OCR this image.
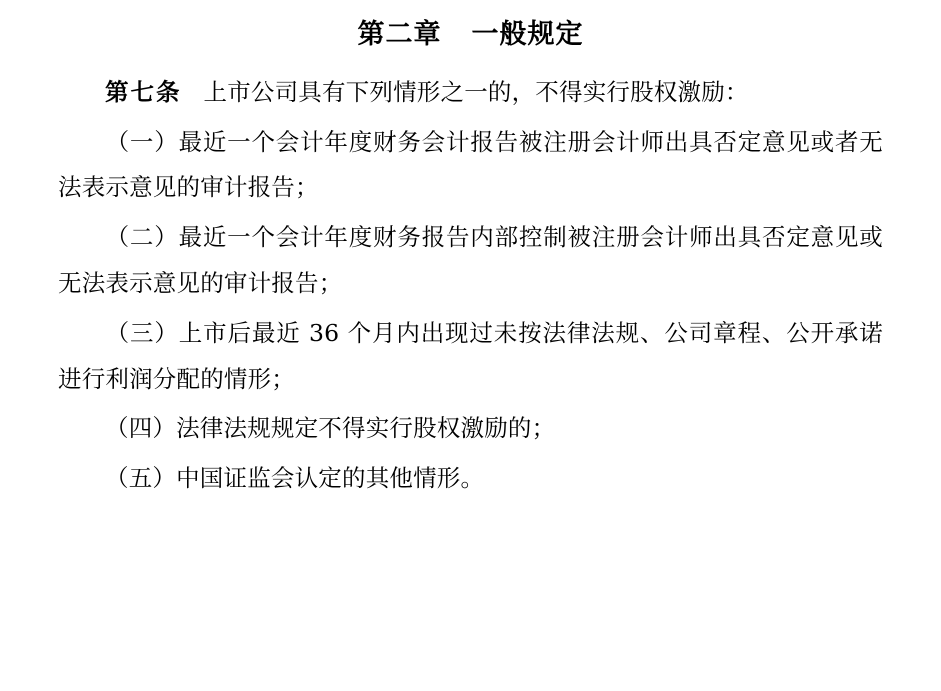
第二章 一般规定

第七条 上市公司具有下列情形之一的，不得实行股权激励：

（一）最近一个会计年度财务会计报告被注册会计师出具否定意见或者无法表示意见的审计报告；

（二）最近一个会计年度财务报告内部控制被注册会计师出具否定意见或无法表示意见的审计报告；

（三）上市后最近 36 个月内出现过未按法律法规、公司章程、公开承诺进行利润分配的情形；

（四）法律法规规定不得实行股权激励的；

（五）中国证监会认定的其他情形。
